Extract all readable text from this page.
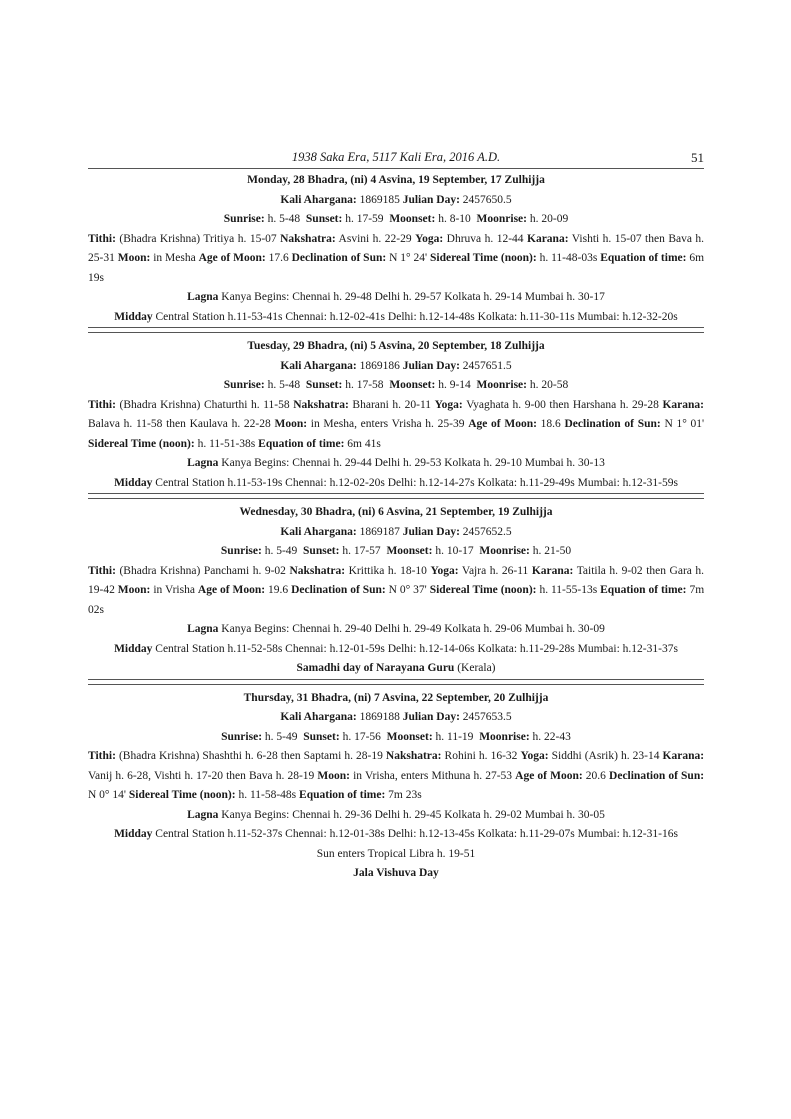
1938 Saka Era, 5117 Kali Era, 2016 A.D.	51
Monday, 28 Bhadra, (ni) 4 Asvina, 19 September, 17 Zulhijja
Kali Ahargana: 1869185 Julian Day: 2457650.5
Sunrise: h. 5-48 Sunset: h. 17-59 Moonset: h. 8-10 Moonrise: h. 20-09
Tithi: (Bhadra Krishna) Tritiya h. 15-07 Nakshatra: Asvini h. 22-29 Yoga: Dhruva h. 12-44 Karana: Vishti h. 15-07 then Bava h. 25-31 Moon: in Mesha Age of Moon: 17.6 Declination of Sun: N 1° 24' Sidereal Time (noon): h. 11-48-03s Equation of time: 6m 19s
Lagna Kanya Begins: Chennai h. 29-48 Delhi h. 29-57 Kolkata h. 29-14 Mumbai h. 30-17
Midday Central Station h.11-53-41s Chennai: h.12-02-41s Delhi: h.12-14-48s Kolkata: h.11-30-11s Mumbai: h.12-32-20s
Tuesday, 29 Bhadra, (ni) 5 Asvina, 20 September, 18 Zulhijja
Kali Ahargana: 1869186 Julian Day: 2457651.5
Sunrise: h. 5-48 Sunset: h. 17-58 Moonset: h. 9-14 Moonrise: h. 20-58
Tithi: (Bhadra Krishna) Chaturthi h. 11-58 Nakshatra: Bharani h. 20-11 Yoga: Vyaghata h. 9-00 then Harshana h. 29-28 Karana: Balava h. 11-58 then Kaulava h. 22-28 Moon: in Mesha, enters Vrisha h. 25-39 Age of Moon: 18.6 Declination of Sun: N 1° 01' Sidereal Time (noon): h. 11-51-38s Equation of time: 6m 41s
Lagna Kanya Begins: Chennai h. 29-44 Delhi h. 29-53 Kolkata h. 29-10 Mumbai h. 30-13
Midday Central Station h.11-53-19s Chennai: h.12-02-20s Delhi: h.12-14-27s Kolkata: h.11-29-49s Mumbai: h.12-31-59s
Wednesday, 30 Bhadra, (ni) 6 Asvina, 21 September, 19 Zulhijja
Kali Ahargana: 1869187 Julian Day: 2457652.5
Sunrise: h. 5-49 Sunset: h. 17-57 Moonset: h. 10-17 Moonrise: h. 21-50
Tithi: (Bhadra Krishna) Panchami h. 9-02 Nakshatra: Krittika h. 18-10 Yoga: Vajra h. 26-11 Karana: Taitila h. 9-02 then Gara h. 19-42 Moon: in Vrisha Age of Moon: 19.6 Declination of Sun: N 0° 37' Sidereal Time (noon): h. 11-55-13s Equation of time: 7m 02s
Lagna Kanya Begins: Chennai h. 29-40 Delhi h. 29-49 Kolkata h. 29-06 Mumbai h. 30-09
Midday Central Station h.11-52-58s Chennai: h.12-01-59s Delhi: h.12-14-06s Kolkata: h.11-29-28s Mumbai: h.12-31-37s
Samadhi day of Narayana Guru (Kerala)
Thursday, 31 Bhadra, (ni) 7 Asvina, 22 September, 20 Zulhijja
Kali Ahargana: 1869188 Julian Day: 2457653.5
Sunrise: h. 5-49 Sunset: h. 17-56 Moonset: h. 11-19 Moonrise: h. 22-43
Tithi: (Bhadra Krishna) Shashthi h. 6-28 then Saptami h. 28-19 Nakshatra: Rohini h. 16-32 Yoga: Siddhi (Asrik) h. 23-14 Karana: Vanij h. 6-28, Vishti h. 17-20 then Bava h. 28-19 Moon: in Vrisha, enters Mithuna h. 27-53 Age of Moon: 20.6 Declination of Sun: N 0° 14' Sidereal Time (noon): h. 11-58-48s Equation of time: 7m 23s
Lagna Kanya Begins: Chennai h. 29-36 Delhi h. 29-45 Kolkata h. 29-02 Mumbai h. 30-05
Midday Central Station h.11-52-37s Chennai: h.12-01-38s Delhi: h.12-13-45s Kolkata: h.11-29-07s Mumbai: h.12-31-16s
Sun enters Tropical Libra h. 19-51
Jala Vishuva Day
